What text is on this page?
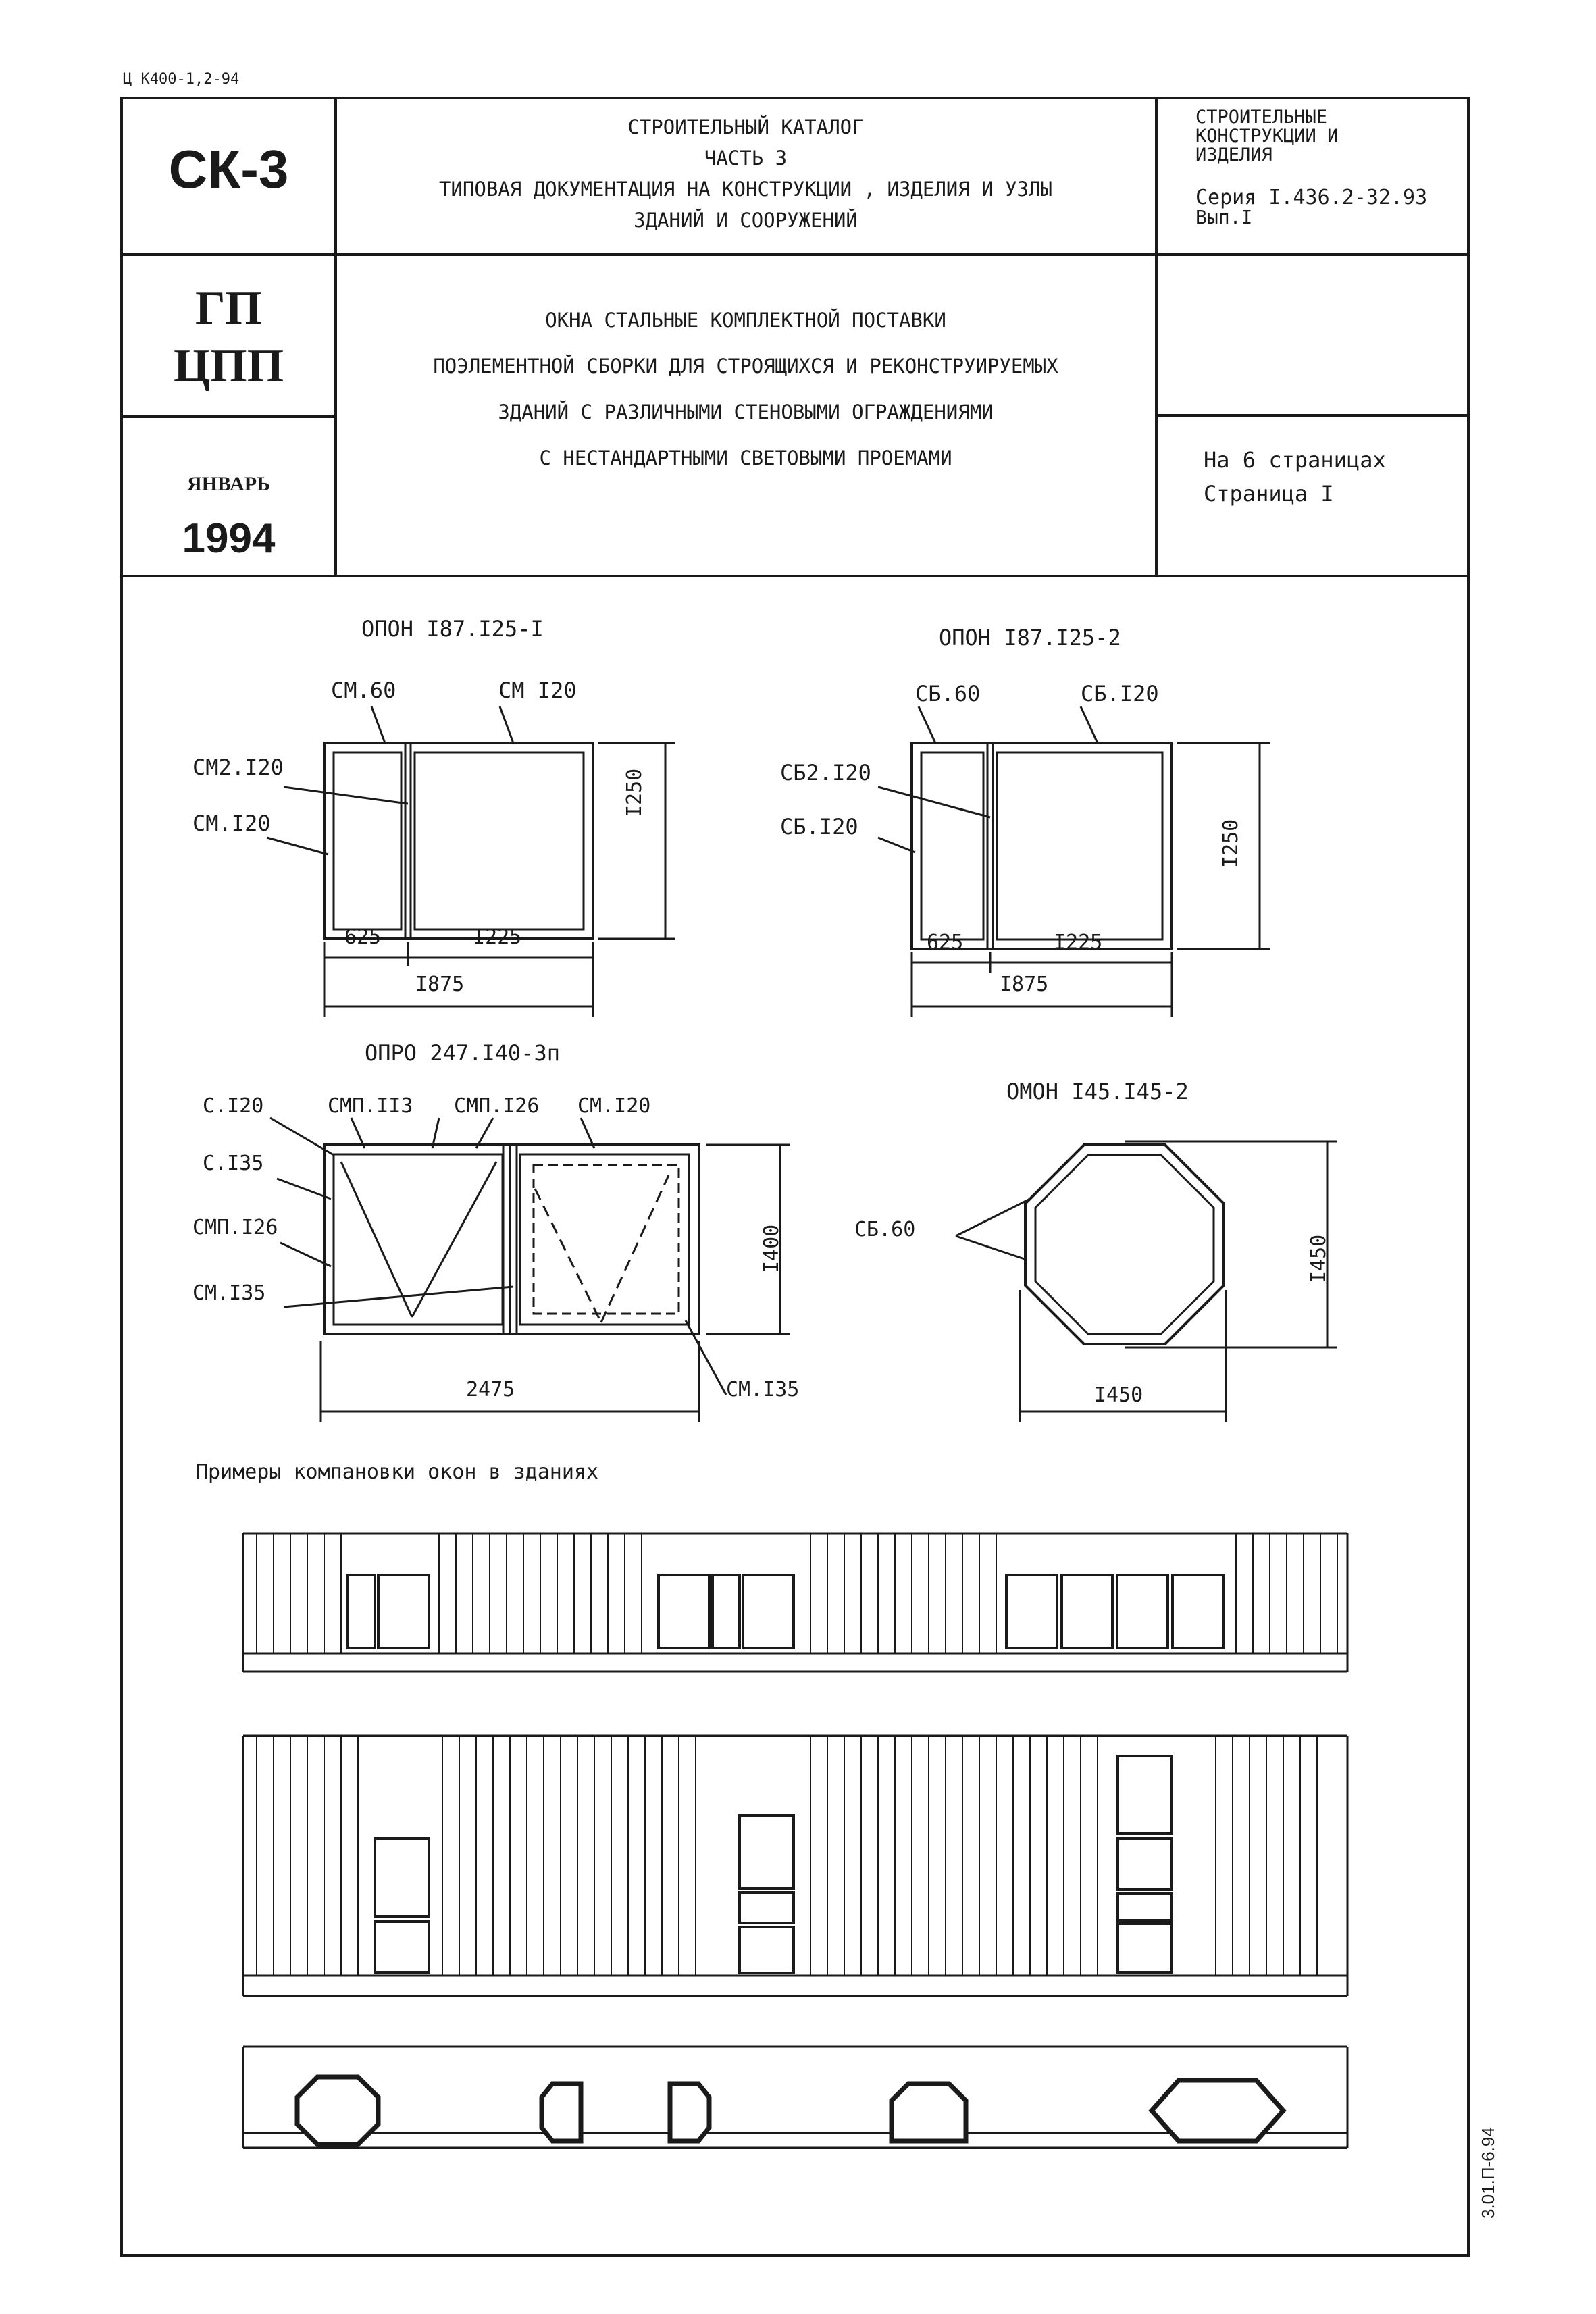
Ц К400-1,2-94
СК-3
ГП
ЦПП
ЯНВАРЬ
1994
СТРОИТЕЛЬНЫЙ КАТАЛОГ
ЧАСТЬ 3
ТИПОВАЯ ДОКУМЕНТАЦИЯ НА КОНСТРУКЦИИ , ИЗДЕЛИЯ И УЗЛЫ
ЗДАНИЙ И СООРУЖЕНИЙ
ОКНА СТАЛЬНЫЕ КОМПЛЕКТНОЙ ПОСТАВКИ
ПОЭЛЕМЕНТНОЙ СБОРКИ ДЛЯ СТРОЯЩИХСЯ И РЕКОНСТРУИРУЕМЫХ
ЗДАНИЙ С РАЗЛИЧНЫМИ СТЕНОВЫМИ ОГРАЖДЕНИЯМИ
С НЕСТАНДАРТНЫМИ СВЕТОВЫМИ ПРОЕМАМИ
СТРОИТЕЛЬНЫЕ
КОНСТРУКЦИИ И
ИЗДЕЛИЯ
Серия I.436.2-32.93
Вып.I
На 6 страницах
Страница I
ОПОН I87.I25-I
СМ.60	СМ I20
СМ2.I20
СМ.I20
625	I225
I875
I250
ОПОН I87.I25-2
СБ.60	СБ.I20
СБ2.I20
СБ.I20
625	I225
I875
I250
ОПРО 247.I40-3п
С.I20	СМП.II3 СМП.I26 СМ.I20
С.I35
СМП.I26
СМ.I35
СМ.I35
2475
I400
ОМОН I45.I45-2
СБ.60
I450
I450
Примеры компановки окон в зданиях
3.01.П-6.94
